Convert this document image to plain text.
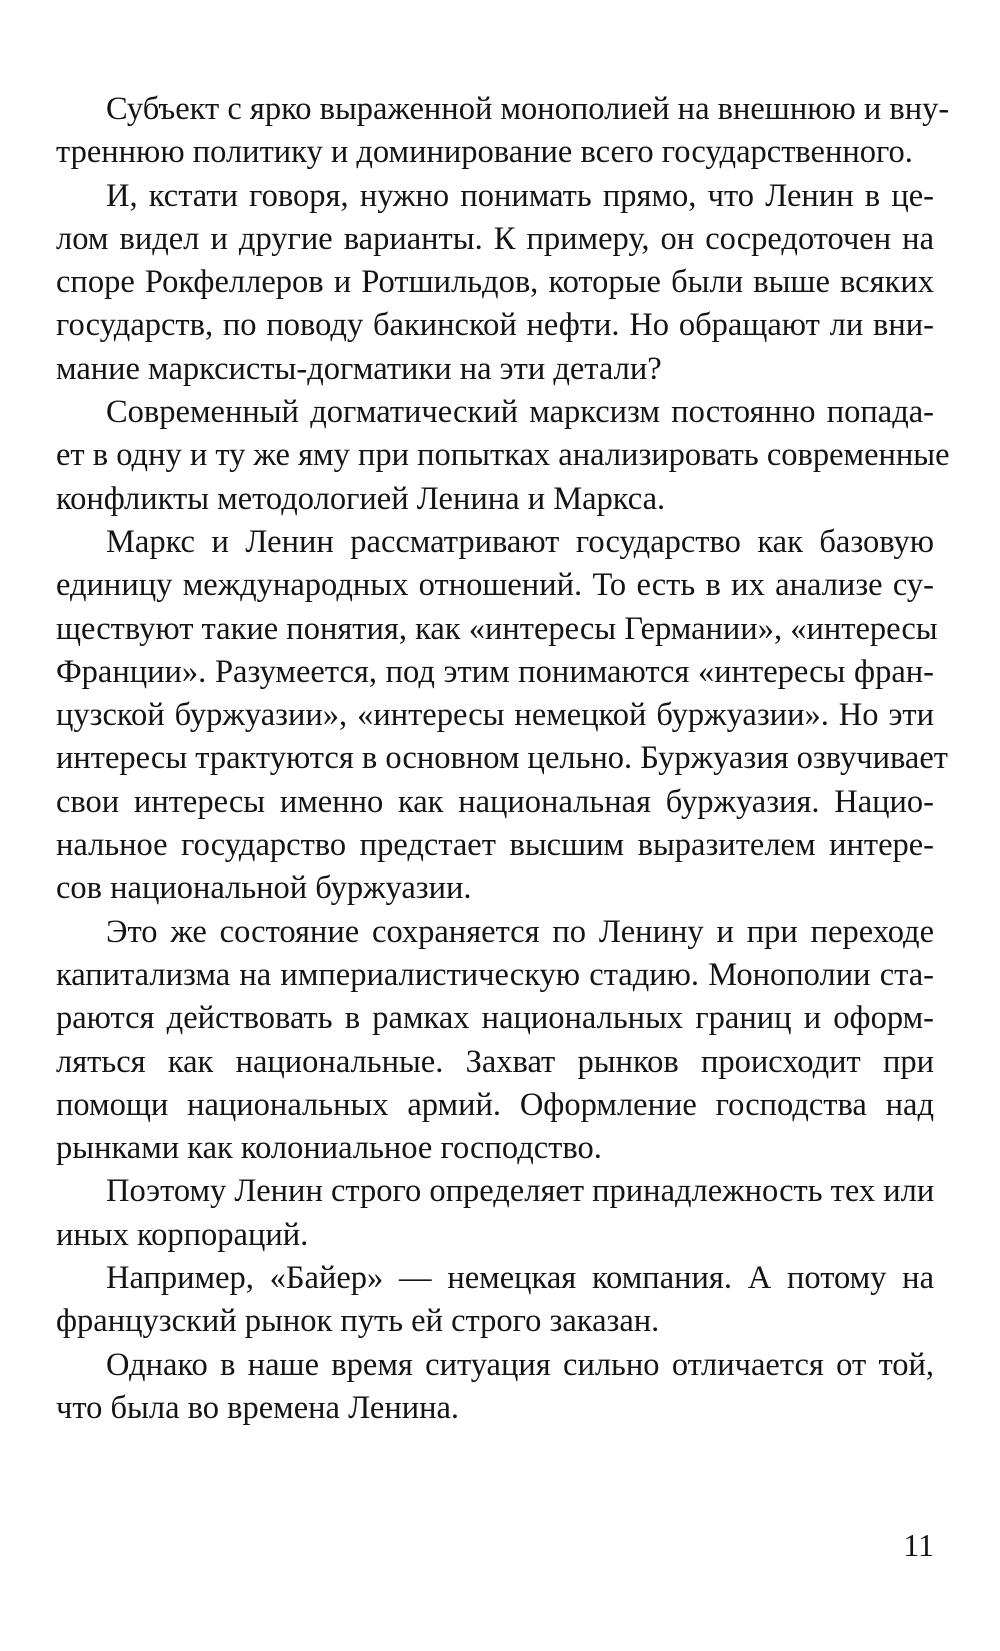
Субъект с ярко выраженной монополией на внешнюю и вну-
треннюю политику и доминирование всего государственного.

И, кстати говоря, нужно понимать прямо, что Ленин в це-
лом видел и другие варианты. К примеру, он сосредоточен на
споре Рокфеллеров и Ротшильдов, которые были выше всяких
государств, по поводу бакинской нефти. Но обращают ли вни-
мание марксисты-догматики на эти детали?

Современный догматический марксизм постоянно попада-
ет в одну и ту же яму при попытках анализировать современные
конфликты методологией Ленина и Маркса.

Маркс и Ленин рассматривают государство как базовую
единицу международных отношений. То есть в их анализе су-
ществуют такие понятия, как «интересы Германии», «интересы
Франции». Разумеется, под этим понимаются «интересы фран-
цузской буржуазии», «интересы немецкой буржуазии». Но эти
интересы трактуются в основном цельно. Буржуазия озвучивает
свои интересы именно как национальная буржуазия. Нацио-
нальное государство предстает высшим выразителем интере-
сов национальной буржуазии.

Это же состояние сохраняется по Ленину и при переходе
капитализма на империалистическую стадию. Монополии ста-
раются действовать в рамках национальных границ и оформ-
ляться как национальные. Захват рынков происходит при
помощи национальных армий. Оформление господства над
рынками как колониальное господство.

Поэтому Ленин строго определяет принадлежность тех или
иных корпораций.

Например, «Байер» — немецкая компания. А потому на
французский рынок путь ей строго заказан.

Однако в наше время ситуация сильно отличается от той,
что была во времена Ленина.

11
